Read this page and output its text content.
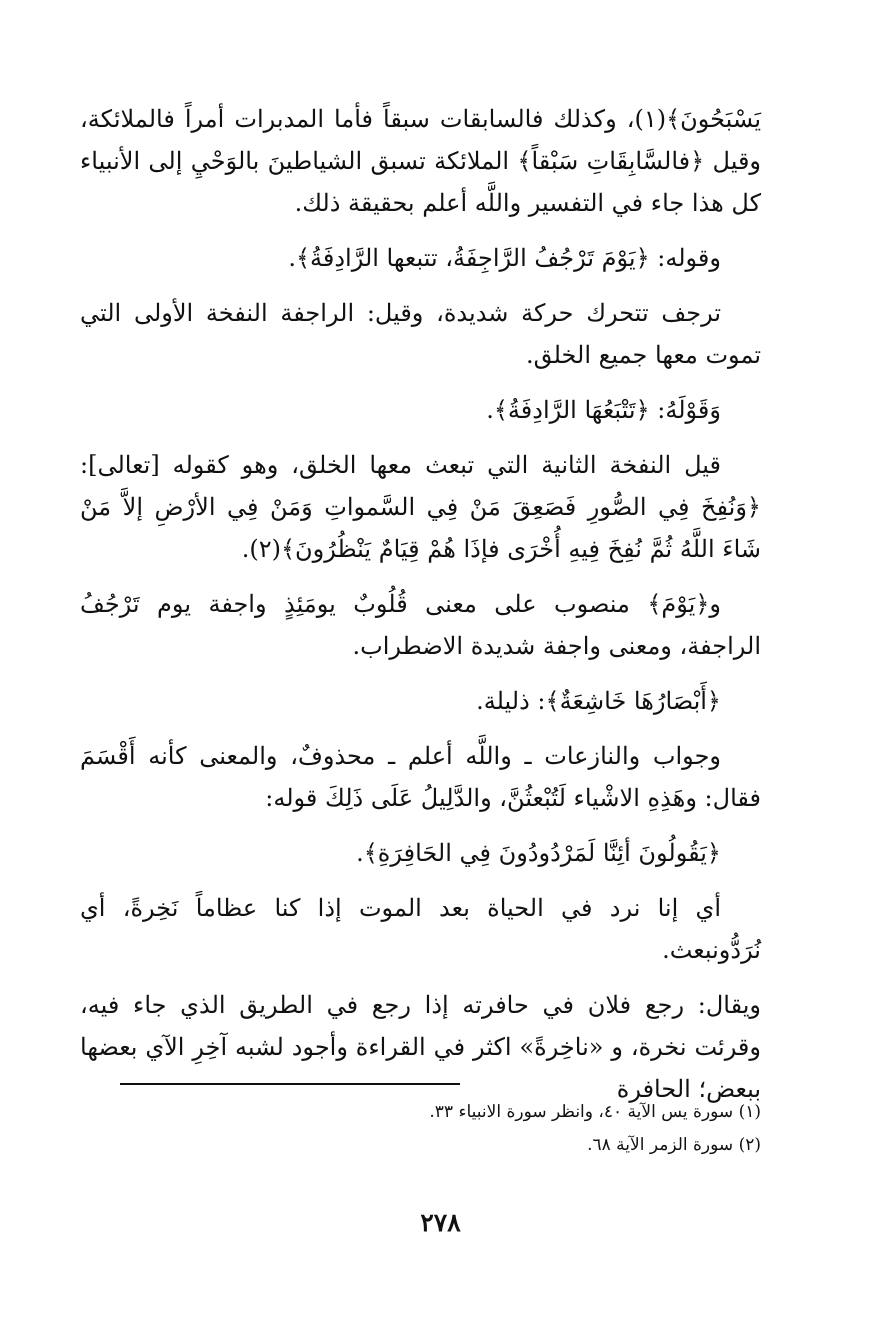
يَسْبَحُونَ﴾(١)، وكذلك فالسابقات سبقاً فأما المدبرات أمراً فالملائكة، وقيل ﴿فالسَّابِقَاتِ سَبْقاً﴾ الملائكة تسبق الشياطينَ بالوَحْيِ إلى الأنبياء كل هذا جاء في التفسير واللَّه أعلم بحقيقة ذلك.

وقوله: ﴿يَوْمَ تَرْجُفُ الرَّاجِفَةُ، تتبعها الرَّادِفَةُ﴾.

ترجف تتحرك حركة شديدة، وقيل: الراجفة النفخة الأولى التي تموت معها جميع الخلق.

وَقَوْلَهُ: ﴿تَتْبَعُهَا الرَّادِفَةُ﴾.

قيل النفخة الثانية التي تبعث معها الخلق، وهو كقوله [تعالى]: ﴿وَنُفِخَ فِي الصُّورِ فَصَعِقَ مَنْ فِي السَّمواتِ وَمَنْ فِي الأرْضِ إلاَّ مَنْ شَاءَ اللَّهُ ثُمَّ نُفِخَ فِيهِ أُخْرَى فإذَا هُمْ قِيَامٌ يَنْظُرُونَ﴾(٢).

و﴿يَوْمَ﴾ منصوب على معنى قُلُوبٌ يومَئِذٍ واجفة يوم تَرْجُفُ الراجفة، ومعنى واجفة شديدة الاضطراب.

﴿أَبْصَارُهَا خَاشِعَةٌ﴾: ذليلة.

وجواب والنازعات ـ واللَّه أعلم ـ محذوفٌ، والمعنى كأنه أَقْسَمَ فقال: وهَذِهِ الاشْياء لَتُبْعثُنَّ، والدَّلِيلُ عَلَى ذَلِكَ قوله:

﴿يَقُولُونَ أئِنَّا لَمَرْدُودُونَ فِي الحَافِرَةِ﴾.

أي إنا نرد في الحياة بعد الموت إذا كنا عظاماً نَخِرةً، أي نُرَدُّونبعث.

ويقال: رجع فلان في حافرته إذا رجع في الطريق الذي جاء فيه، وقرئت نخرة، و «ناخِرةً» اكثر في القراءة وأجود لشبه آخِرِ الآي بعضها ببعض؛ الحافرة

(١) سورة يس الآية ٤٠، وانظر سورة الانبياء ٣٣.

(٢) سورة الزمر الآية ٦٨.

٢٧٨
